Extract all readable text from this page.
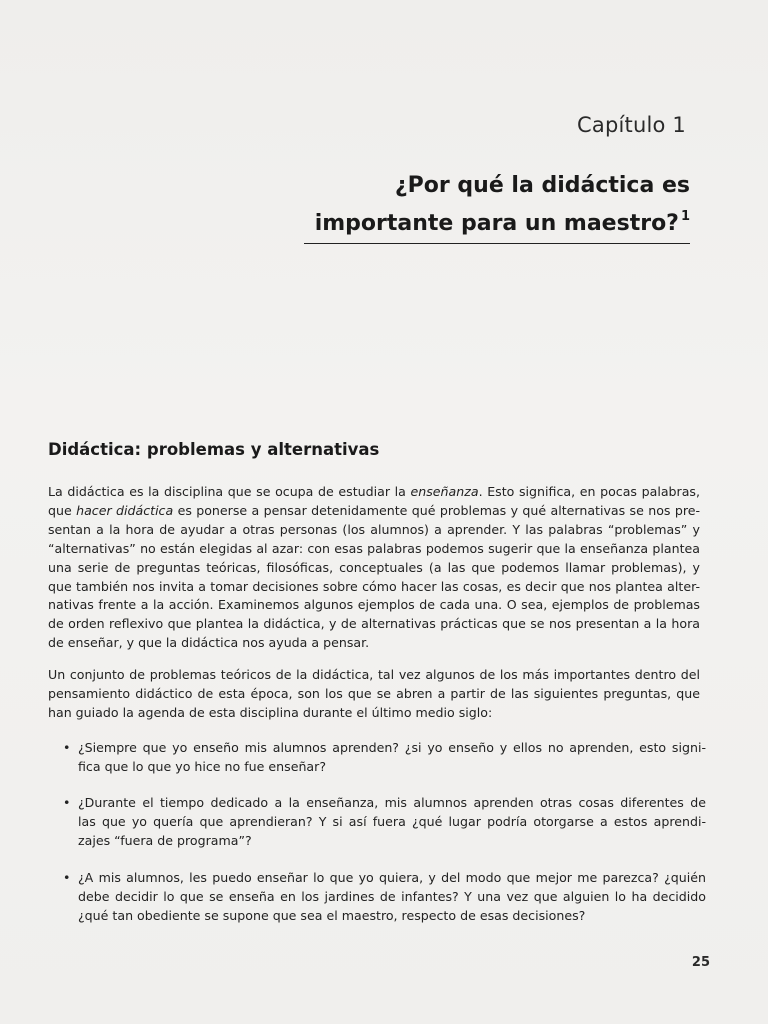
Capítulo 1
¿Por qué la didáctica es
importante para un maestro? $^1$
Didáctica: problemas y alternativas
La didáctica es la disciplina que se ocupa de estudiar la enseñanza. Esto significa, en pocas palabras,
que hacer didáctica es ponerse a pensar detenidamente qué problemas y qué alternativas se nos pre-
sentan a la hora de ayudar a otras personas (los alumnos) a aprender. Y las palabras “problemas” y
“alternativas” no están elegidas al azar: con esas palabras podemos sugerir que la enseñanza plantea
una serie de preguntas teóricas, filosóficas, conceptuales (a las que podemos llamar problemas), y
que también nos invita a tomar decisiones sobre cómo hacer las cosas, es decir que nos plantea alter-
nativas frente a la acción. Examinemos algunos ejemplos de cada una. O sea, ejemplos de problemas
de orden reflexivo que plantea la didáctica, y de alternativas prácticas que se nos presentan a la hora
de enseñar, y que la didáctica nos ayuda a pensar.
Un conjunto de problemas teóricos de la didáctica, tal vez algunos de los más importantes dentro del
pensamiento didáctico de esta época, son los que se abren a partir de las siguientes preguntas, que
han guiado la agenda de esta disciplina durante el último medio siglo:
• ¿Siempre que yo enseño mis alumnos aprenden? ¿si yo enseño y ellos no aprenden, esto signi-
fica que lo que yo hice no fue enseñar?
• ¿Durante el tiempo dedicado a la enseñanza, mis alumnos aprenden otras cosas diferentes de
las que yo quería que aprendieran? Y si así fuera ¿qué lugar podría otorgarse a estos aprendi-
zajes “fuera de programa”?
• ¿A mis alumnos, les puedo enseñar lo que yo quiera, y del modo que mejor me parezca? ¿quién
debe decidir lo que se enseña en los jardines de infantes? Y una vez que alguien lo ha decidido
¿qué tan obediente se supone que sea el maestro, respecto de esas decisiones?
25
